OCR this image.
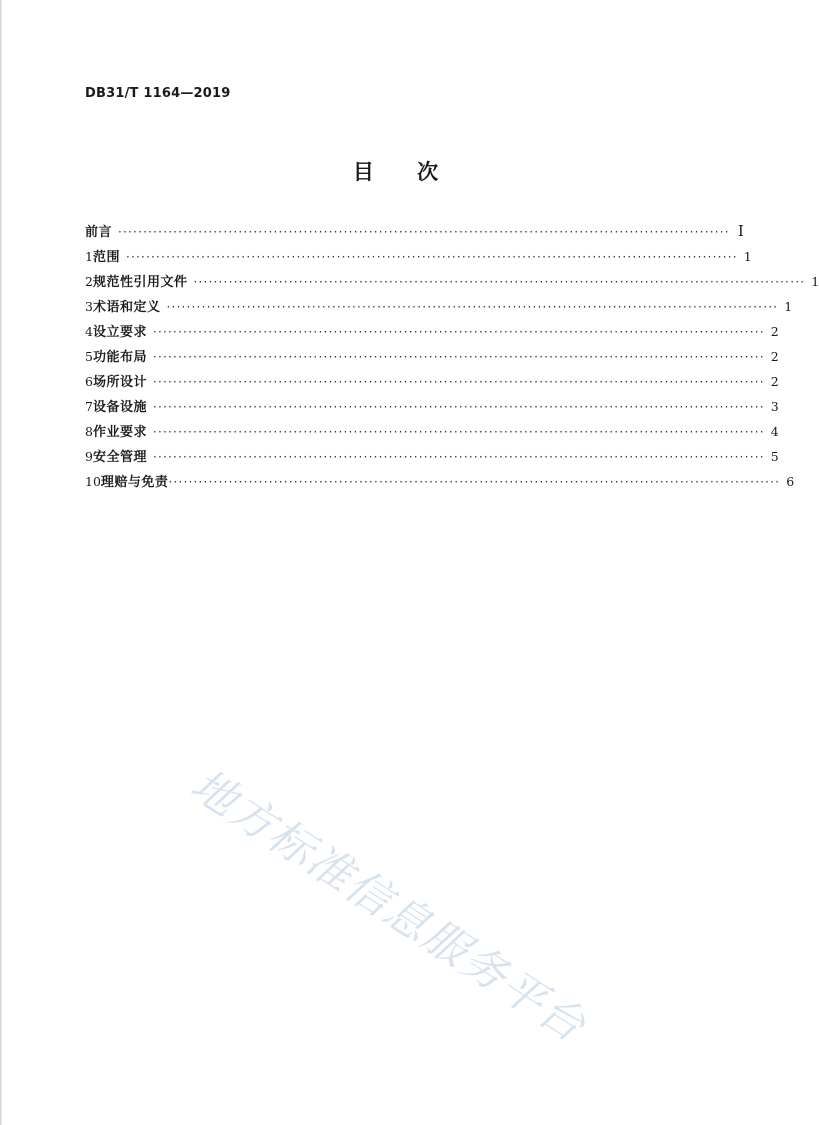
DB31/T 1164—2019
目 次
前言 ·························································································································· I
1 范围 ·························································································································· 1
2 规范性引用文件 ·························································································································· 1
3 术语和定义 ·························································································································· 1
4 设立要求 ·························································································································· 2
5 功能布局 ·························································································································· 2
6 场所设计 ·························································································································· 2
7 设备设施 ·························································································································· 3
8 作业要求 ·························································································································· 4
9 安全管理 ·························································································································· 5
10 理赔与免责 ·························································································································· 6
地方标准信息服务平台
